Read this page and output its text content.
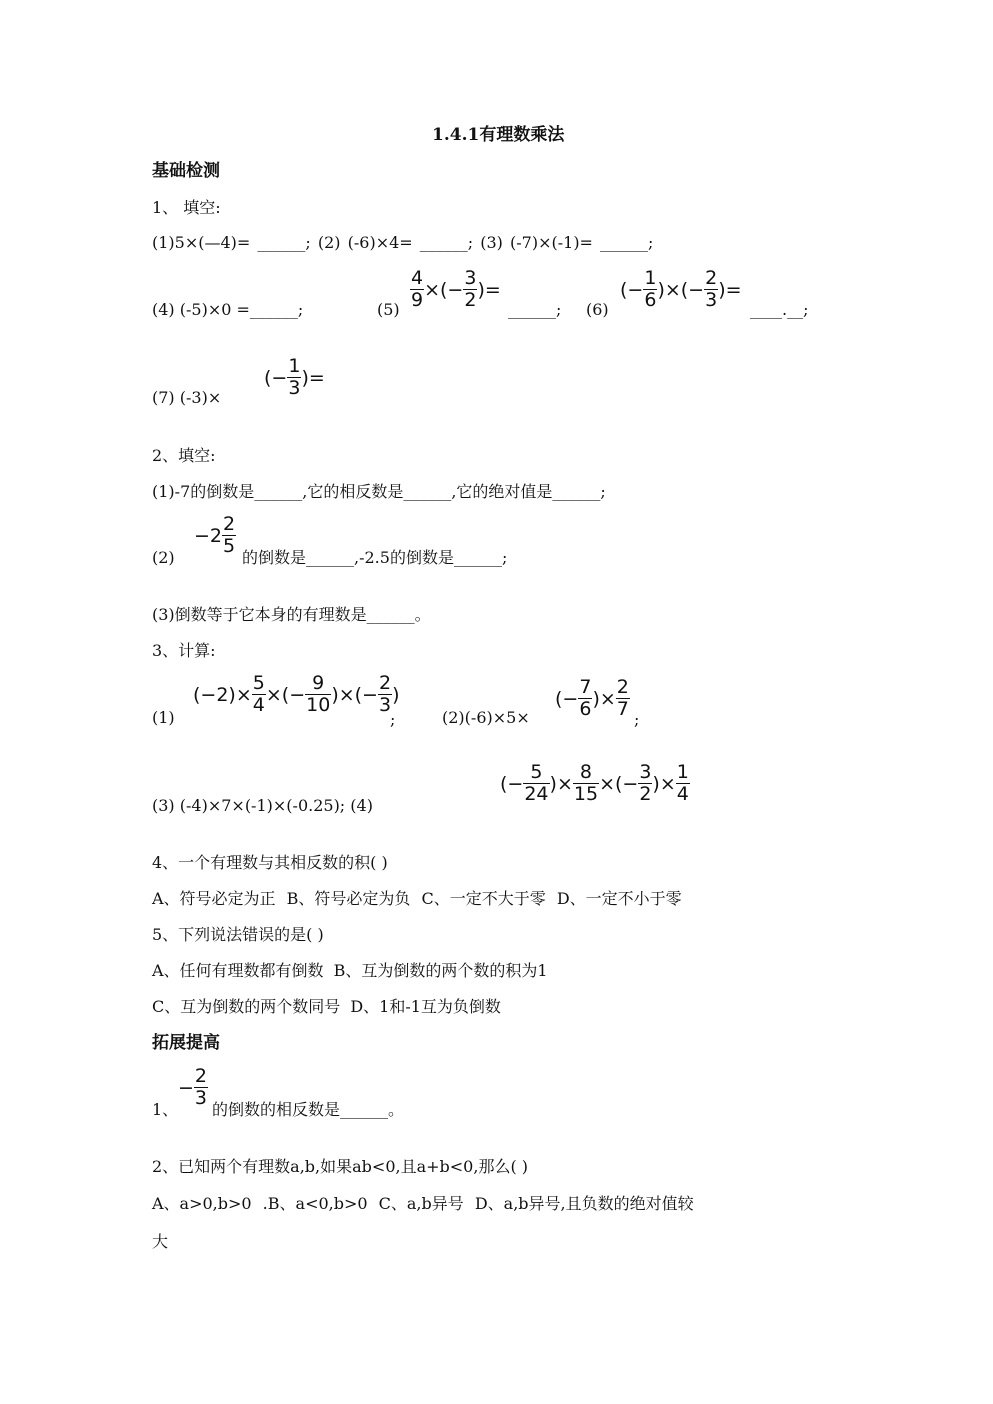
1.4.1有理数乘法
基础检测
1、 填空:
(1)5×(—4)= ______; (2) (-6)×4= ______; (3) (-7)×(-1)= ______;
(4) (-5)×0 =______;	$(5) \frac{4}{9}$ ×(− $\frac{3}{2}$ )=
______; (6)
(− $\frac{1}{6}$ )×(− $\frac{2}{3}$ )=
____.__;
(7) (-3)×
(− $\frac{1}{3}$ )=
2、填空:
(1)-7的倒数是______,它的相反数是______,它的绝对值是______;
(2)
$-2 \frac{2}{5}$
的倒数是______,-2.5的倒数是______;
(3)倒数等于它本身的有理数是______。
3、计算:
(1)
$(-2)\times \frac{5}{4}$ ×(− $\frac{9}{10}$ )×(− $\frac{2}{3}$ )
;	(2)(-6)×5×
(− $\frac{7}{6}$ )× $\frac{2}{7}$ ;
(3) (-4)×7×(-1)×(-0.25); (4)
(− $\frac{5}{24}$ )× $\frac{8}{15}$ ×(− $\frac{3}{2}$ )× $\frac{1}{4}$
4、一个有理数与其相反数的积( )
A、符号必定为正 B、符号必定为负 C、一定不大于零 D、一定不小于零
5、下列说法错误的是( )
A、任何有理数都有倒数 B、互为倒数的两个数的积为1
C、互为倒数的两个数同号 D、1和-1互为负倒数
拓展提高
1、
− $\frac{2}{3}$
的倒数的相反数是______。
2、已知两个有理数a,b,如果ab<0,且a+b<0,那么( )
A、a>0,b>0 .B、a<0,b>0 C、a,b异号 D、a,b异号,且负数的绝对值较
大
